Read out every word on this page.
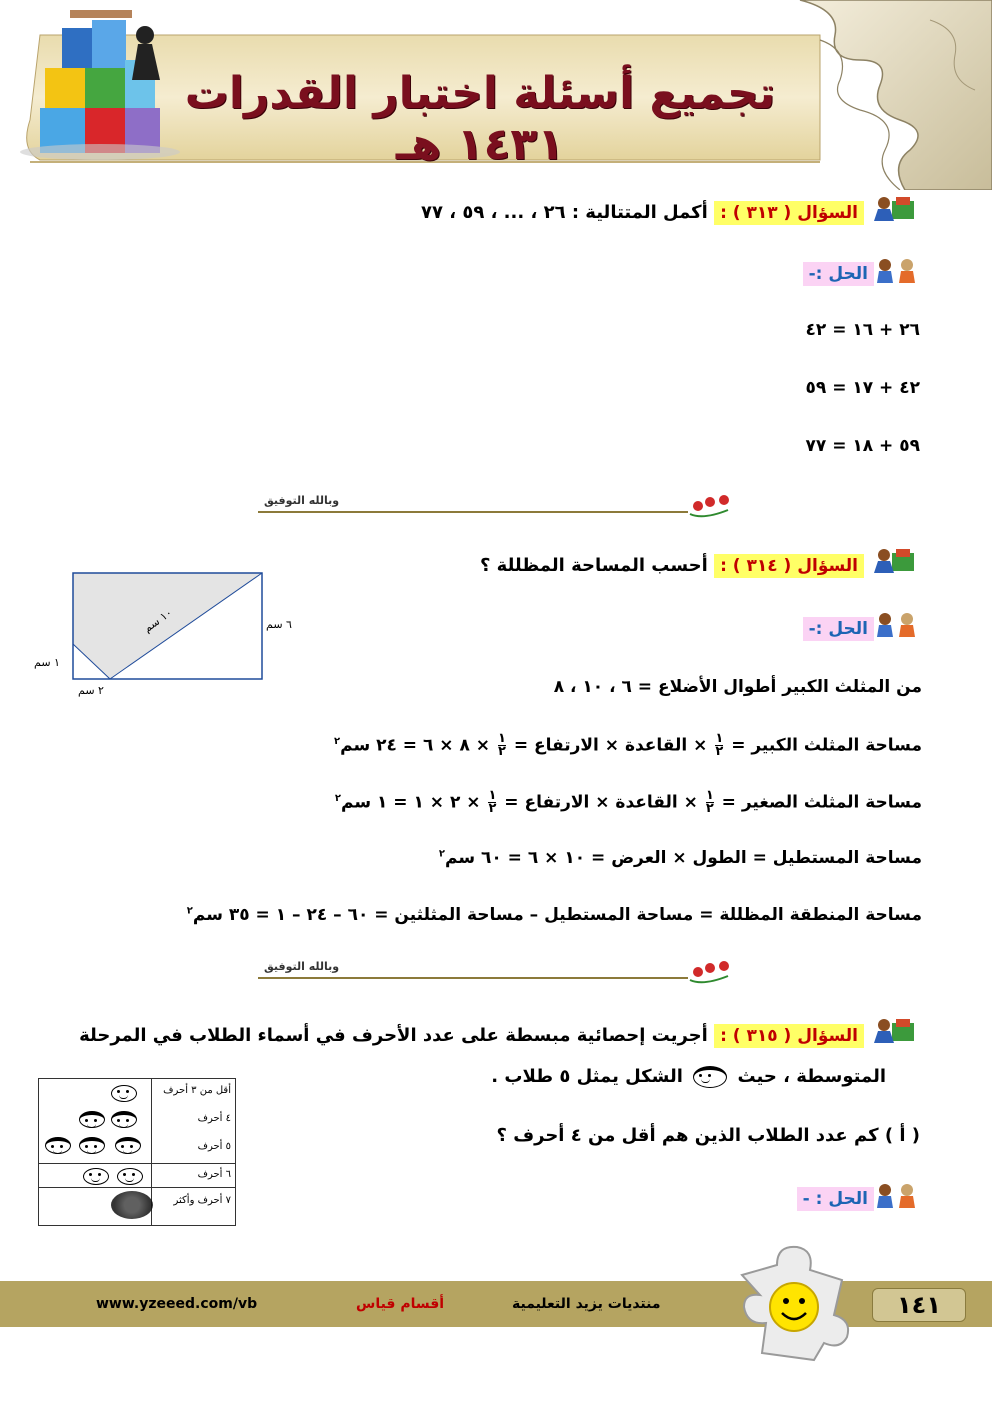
تجميع أسئلة اختبار القدرات ١٤٣١ هـ
السؤال ( ٣١٣ ) : أكمل المتتالية : ٢٦ ، ... ، ٥٩ ، ٧٧
الحل :-
٢٦ + ١٦ = ٤٢
٤٢ + ١٧ = ٥٩
٥٩ + ١٨ = ٧٧
وبالله التوفيق
السؤال ( ٣١٤ ) : أحسب المساحة المظللة ؟
الحل :-
١٠ سم
٦ سم
١ سم
٢ سم	من المثلث الكبير أطوال الأضلاع = ٦ ، ١٠ ، ٨
مساحة المثلث الكبير =
$\frac{١}{٢}$
× القاعدة × الارتفاع =
$\frac{١}{٢}$
× ٨ × ٦ = ٢٤ سم$^٢$
مساحة المثلث الصغير =
$\frac{١}{٢}$
× القاعدة × الارتفاع =
$\frac{١}{٢}$
× ٢ × ١ = ١ سم$^٢$
مساحة المستطيل = الطول × العرض = ١٠ × ٦ = ٦٠ سم$^٢$
مساحة المنطقة المظللة = مساحة المستطيل – مساحة المثلثين = ٦٠ – ٢٤ – ١ = ٣٥ سم$^٢$
وبالله التوفيق
السؤال ( ٣١٥ ) : أجريت إحصائية مبسطة على عدد الأحرف في أسماء الطلاب في المرحلة
المتوسطة ، حيث  الشكل يمثل ٥ طلاب .
( أ ) كم عدد الطلاب الذين هم أقل من ٤ أحرف ؟
الحل : -
أقل من ٣ أحرف
٤ أحرف
٥ أحرف
٦ أحرف
٧ أحرف وأكثر
www.yzeeed.com/vb	أقسام قياس	منتديات يزيد التعليمية	١٤١
